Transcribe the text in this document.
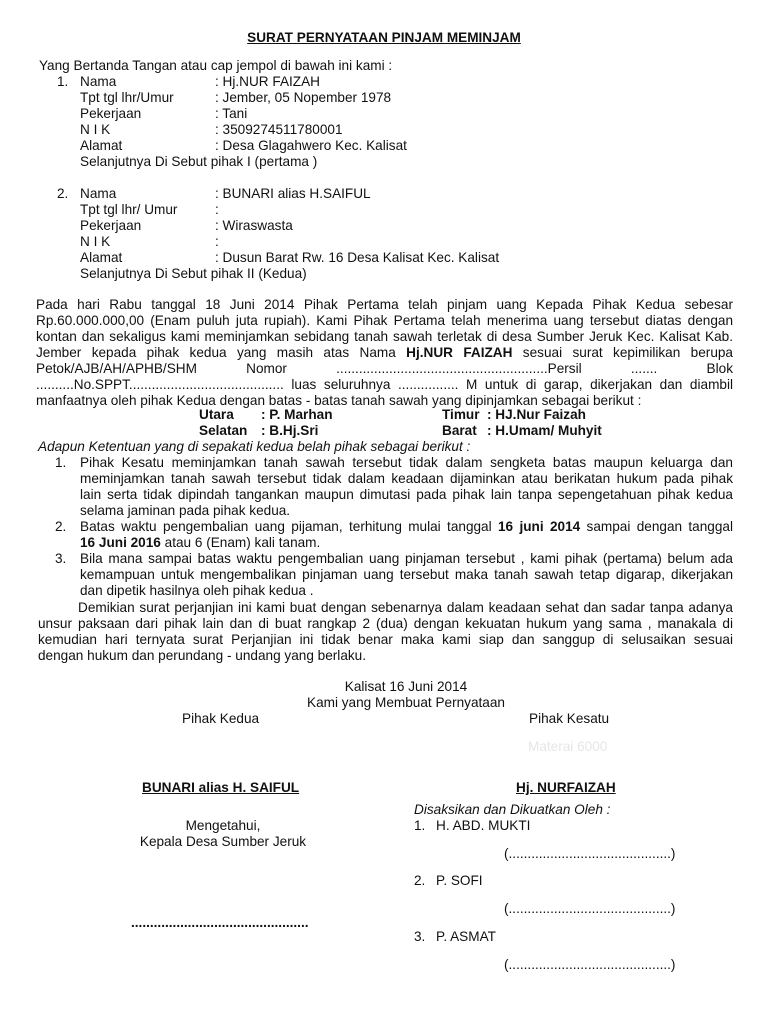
SURAT PERNYATAAN PINJAM MEMINJAM
Yang Bertanda Tangan atau cap jempol di bawah ini kami :
1. Nama	: Hj.NUR FAIZAH
Tpt tgl lhr/Umur	: Jember, 05 Nopember 1978
Pekerjaan	: Tani
N I K	: 3509274511780001
Alamat	: Desa Glagahwero Kec. Kalisat
Selanjutnya Di Sebut pihak I (pertama )
2. Nama	: BUNARI alias H.SAIFUL
Tpt tgl lhr/ Umur	:
Pekerjaan	: Wiraswasta
N I K	:
Alamat	: Dusun Barat Rw. 16 Desa Kalisat Kec. Kalisat
Selanjutnya Di Sebut pihak II (Kedua)
Pada hari Rabu tanggal 18 Juni 2014 Pihak Pertama telah pinjam uang Kepada Pihak Kedua sebesar
Rp.60.000.000,00 (Enam puluh juta rupiah). Kami Pihak Pertama telah menerima uang tersebut diatas dengan
kontan dan sekaligus kami meminjamkan sebidang tanah sawah terletak di desa Sumber Jeruk Kec. Kalisat Kab.
Jember kepada pihak kedua yang masih atas Nama Hj.NUR FAIZAH sesuai surat kepimilikan berupa
Petok/AJB/AH/APHB/SHM Nomor ........................................................Persil ....... Blok
..........No.SPPT......................................... luas seluruhnya ................ M untuk di garap, dikerjakan dan diambil
manfaatnya oleh pihak Kedua dengan batas - batas tanah sawah yang dipinjamkan sebagai berikut :
Utara : P. Marhan	Timur : HJ.Nur Faizah
Selatan : B.Hj.Sri	Barat : H.Umam/ Muhyit
Adapun Ketentuan yang di sepakati kedua belah pihak sebagai berikut :
1. Pihak Kesatu meminjamkan tanah sawah tersebut tidak dalam sengketa batas maupun keluarga dan
meminjamkan tanah sawah tersebut tidak dalam keadaan dijaminkan atau berikatan hukum pada pihak
lain serta tidak dipindah tangankan maupun dimutasi pada pihak lain tanpa sepengetahuan pihak kedua
selama jaminan pada pihak kedua.
2. Batas waktu pengembalian uang pijaman, terhitung mulai tanggal 16 juni 2014 sampai dengan tanggal
16 Juni 2016 atau 6 (Enam) kali tanam.
3. Bila mana sampai batas waktu pengembalian uang pinjaman tersebut , kami pihak (pertama) belum ada
kemampuan untuk mengembalikan pinjaman uang tersebut maka tanah sawah tetap digarap, dikerjakan
dan dipetik hasilnya oleh pihak kedua .
Demikian surat perjanjian ini kami buat dengan sebenarnya dalam keadaan sehat dan sadar tanpa adanya
unsur paksaan dari pihak lain dan di buat rangkap 2 (dua) dengan kekuatan hukum yang sama , manakala di
kemudian hari ternyata surat Perjanjian ini tidak benar maka kami siap dan sanggup di selusaikan sesuai
dengan hukum dan perundang - undang yang berlaku.
Kalisat 16 Juni 2014
Kami yang Membuat Pernyataan
Pihak Kedua	Pihak Kesatu
Materai 6000
BUNARI alias H. SAIFUL	Hj. NURFAIZAH
Disaksikan dan Dikuatkan Oleh :
1. H. ABD. MUKTI
Mengetahui,
Kepala Desa Sumber Jeruk
(...........................................)
2. P. SOFI
(...........................................)
...............................................
3. P. ASMAT
(...........................................)
